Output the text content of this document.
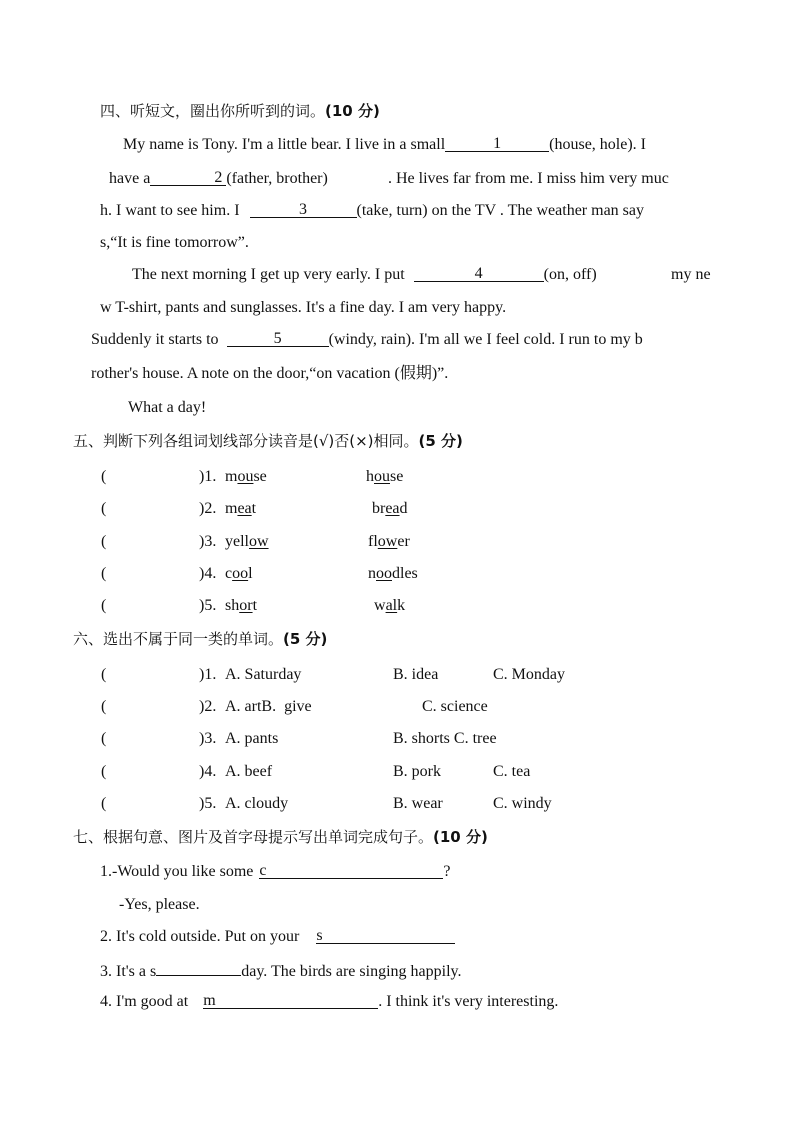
四、听短文，圈出你所听到的词。(10 分)
My name is Tony. I'm a little bear. I live in a small	1	(house, hole). I
have a	2 (father, brother)	. He lives far from me. I miss him very muc
h. I want to see him. I	3	(take, turn) on the TV . The weather man say
s,“It is fine tomorrow”.
The next morning I get up very early. I put	4	(on, off)	my ne
w T-shirt, pants and sunglasses. It's a fine day. I am very happy.
Suddenly it starts to	5	(windy, rain). I'm all we I feel cold. I run to my b
rother's house. A note on the door,“on vacation (假期)”.
What a day!
五、判断下列各组词划线部分读音是(√)否(×)相同。(5 分)
(	)1. mouse	house
(	)2. meat	bread
(	)3. yellow	flower
(	)4. cool	noodles
(	)5. short	walk
六、选出不属于同一类的单词。(5 分)
(	)1. A. Saturday	B. idea	C. Monday
(	)2. A. artB.  give	C. science
(	)3. A. pants	B. shorts C. tree
(	)4. A. beef	B. pork	C. tea
(	)5. A. cloudy	B. wear	C. windy
七、根据句意、图片及首字母提示写出单词完成句子。(10 分)
1.-Would you like some c	?
-Yes, please.
2. It's cold outside. Put on your s
3. It's a s	day. The birds are singing happily.
4. I'm good at m	. I think it's very interesting.
